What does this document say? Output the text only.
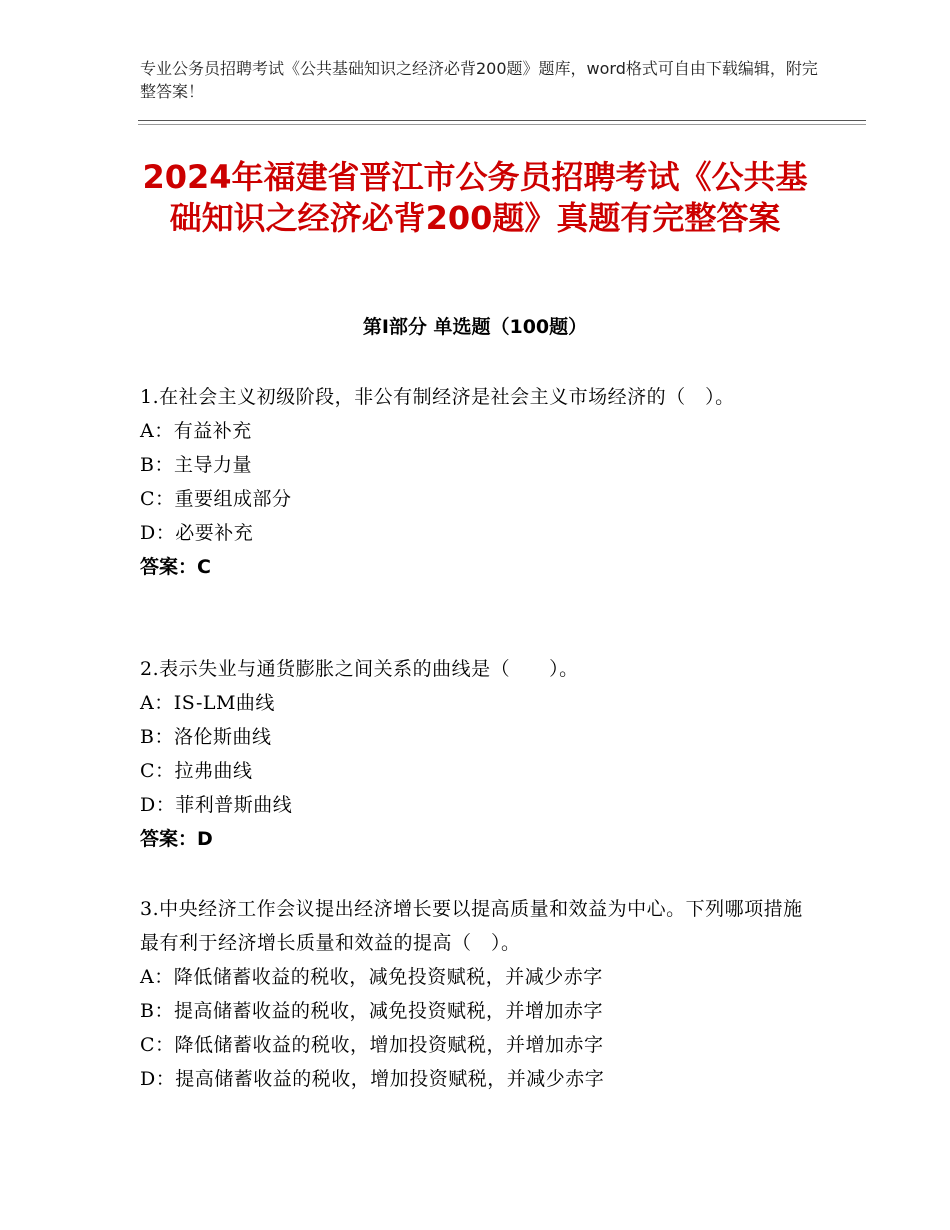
专业公务员招聘考试《公共基础知识之经济必背200题》题库，word格式可自由下载编辑，附完整答案！
2024年福建省晋江市公务员招聘考试《公共基础知识之经济必背200题》真题有完整答案
第Ⅰ部分 单选题（100题）
1.在社会主义初级阶段，非公有制经济是社会主义市场经济的（　）。
A：有益补充
B：主导力量
C：重要组成部分
D：必要补充
答案：C
2.表示失业与通货膨胀之间关系的曲线是（　　）。
A：IS-LM曲线
B：洛伦斯曲线
C：拉弗曲线
D：菲利普斯曲线
答案：D
3.中央经济工作会议提出经济增长要以提高质量和效益为中心。下列哪项措施最有利于经济增长质量和效益的提高（　）。
A：降低储蓄收益的税收，减免投资赋税，并减少赤字
B：提高储蓄收益的税收，减免投资赋税，并增加赤字
C：降低储蓄收益的税收，增加投资赋税，并增加赤字
D：提高储蓄收益的税收，增加投资赋税，并减少赤字
